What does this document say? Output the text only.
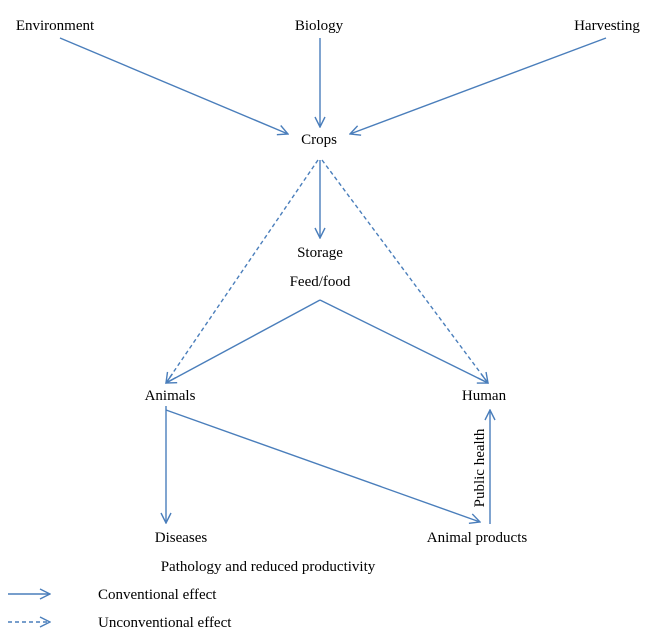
Environment	Biology	Harvesting
Crops
Storage
Feed/food
Animals	Human
Diseases	Animal products
Pathology and reduced productivity
Public health
Conventional effect
Unconventional effect
